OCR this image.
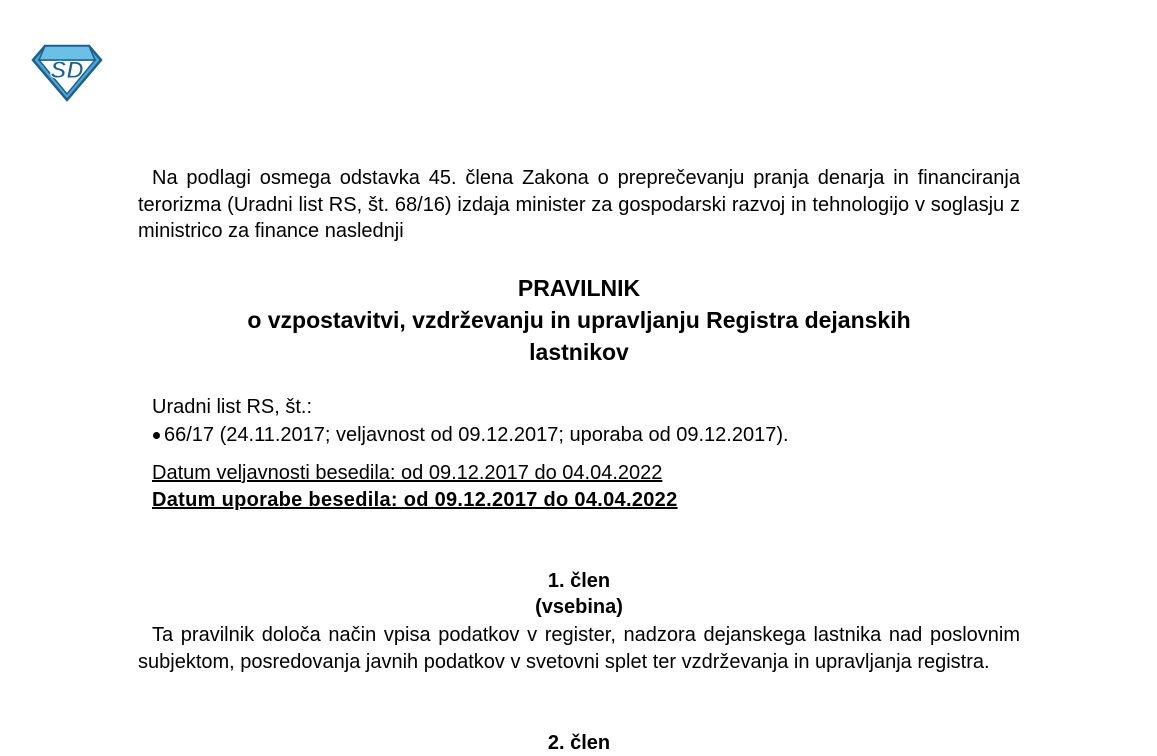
SD
Na podlagi osmega odstavka 45. člena Zakona o preprečevanju pranja denarja in financiranja terorizma (Uradni list RS, št. 68/16) izdaja minister za gospodarski razvoj in tehnologijo v soglasju z ministrico za finance naslednji
PRAVILNIK
o vzpostavitvi, vzdrževanju in upravljanju Registra dejanskih
lastnikov
Uradni list RS, št.:
66/17 (24.11.2017; veljavnost od 09.12.2017; uporaba od 09.12.2017).
Datum veljavnosti besedila: od 09.12.2017 do 04.04.2022
Datum uporabe besedila: od 09.12.2017 do 04.04.2022
1. člen
(vsebina)
Ta pravilnik določa način vpisa podatkov v register, nadzora dejanskega lastnika nad poslovnim subjektom, posredovanja javnih podatkov v svetovni splet ter vzdrževanja in upravljanja registra.
2. člen
